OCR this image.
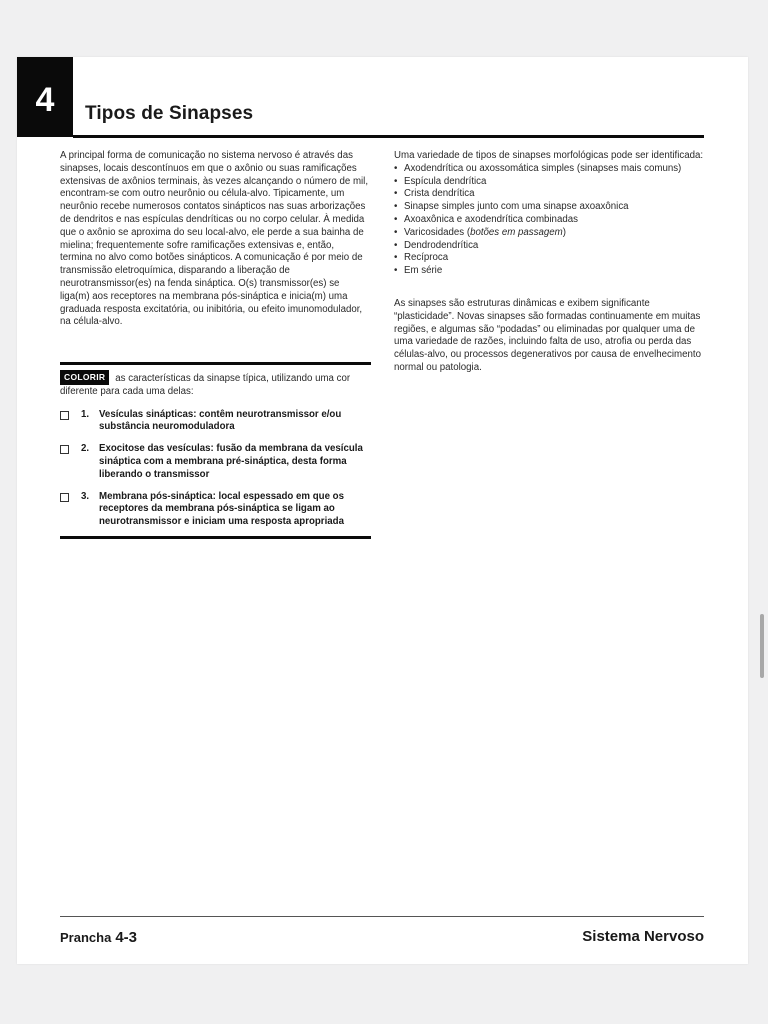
4 Tipos de Sinapses

A principal forma de comunicação no sistema nervoso é através das sinapses, locais descontínuos em que o axônio ou suas ramificações extensivas de axônios terminais, às vezes alcançando o número de mil, encontram-se com outro neurônio ou célula-alvo. Tipicamente, um neurônio recebe numerosos contatos sinápticos nas suas arborizações de dendritos e nas espículas dendríticas ou no corpo celular. À medida que o axônio se aproxima do seu local-alvo, ele perde a sua bainha de mielina; frequentemente sofre ramificações extensivas e, então, termina no alvo como botões sinápticos. A comunicação é por meio de transmissão eletroquímica, disparando a liberação de neurotransmissor(es) na fenda sináptica. O(s) transmissor(es) se liga(m) aos receptores na membrana pós-sináptica e inicia(m) uma graduada resposta excitatória, ou inibitória, ou efeito imunomodulador, na célula-alvo.

COLORIR as características da sinapse típica, utilizando uma cor diferente para cada uma delas:
1.	Vesículas sinápticas: contêm neurotransmissor e/ou substância neuromoduladora
2.	Exocitose das vesículas: fusão da membrana da vesícula sináptica com a membrana pré-sináptica, desta forma liberando o transmissor
3.	Membrana pós-sináptica: local espessado em que os receptores da membrana pós-sináptica se ligam ao neurotransmissor e iniciam uma resposta apropriada

Uma variedade de tipos de sinapses morfológicas pode ser identificada:

• Axodendrítica ou axossomática simples (sinapses mais comuns)
• Espícula dendrítica
• Crista dendrítica
• Sinapse simples junto com uma sinapse axoaxônica
• Axoaxônica e axodendrítica combinadas
• Varicosidades (botões em passagem)
• Dendrodendrítica
• Recíproca
• Em série

As sinapses são estruturas dinâmicas e exibem significante “plasticidade”. Novas sinapses são formadas continuamente em muitas regiões, e algumas são “podadas” ou eliminadas por qualquer uma de uma variedade de razões, incluindo falta de uso, atrofia ou perda das células-alvo, ou processos degenerativos por causa de envelhecimento normal ou patologia.

Prancha 4-3	Sistema Nervoso
